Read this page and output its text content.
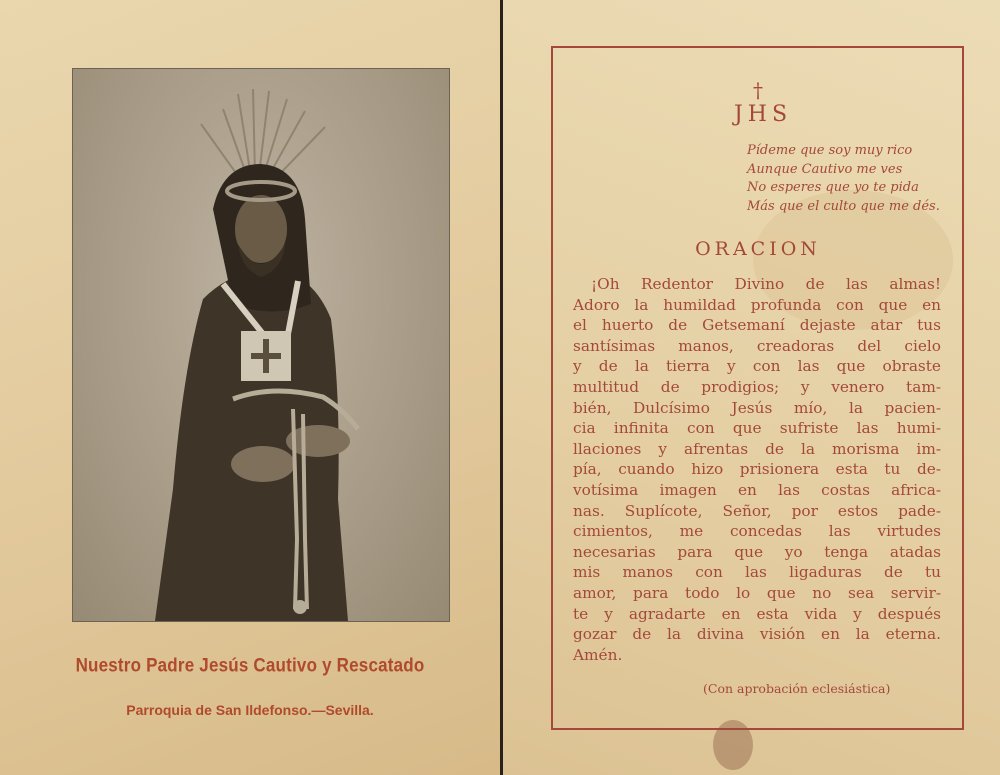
Nuestro Padre Jesús Cautivo y Rescatado
Parroquia de San Ildefonso.—Sevilla.
†
JHS
Pídeme que soy muy rico
Aunque Cautivo me ves
No esperes que yo te pida
Más que el culto que me dés.
ORACION
¡Oh Redentor Divino de las almas!
Adoro la humildad profunda con que en
el huerto de Getsemaní dejaste atar tus
santísimas manos, creadoras del cielo
y de la tierra y con las que obraste
multitud de prodigios; y venero tam-
bién, Dulcísimo Jesús mío, la pacien-
cia infinita con que sufriste las humi-
llaciones y afrentas de la morisma im-
pía, cuando hizo prisionera esta tu de-
votísima imagen en las costas africa-
nas. Suplícote, Señor, por estos pade-
cimientos, me concedas las virtudes
necesarias para que yo tenga atadas
mis manos con las ligaduras de tu
amor, para todo lo que no sea servir-
te y agradarte en esta vida y después
gozar de la divina visión en la eterna.
Amén.
(Con aprobación eclesiástica)
